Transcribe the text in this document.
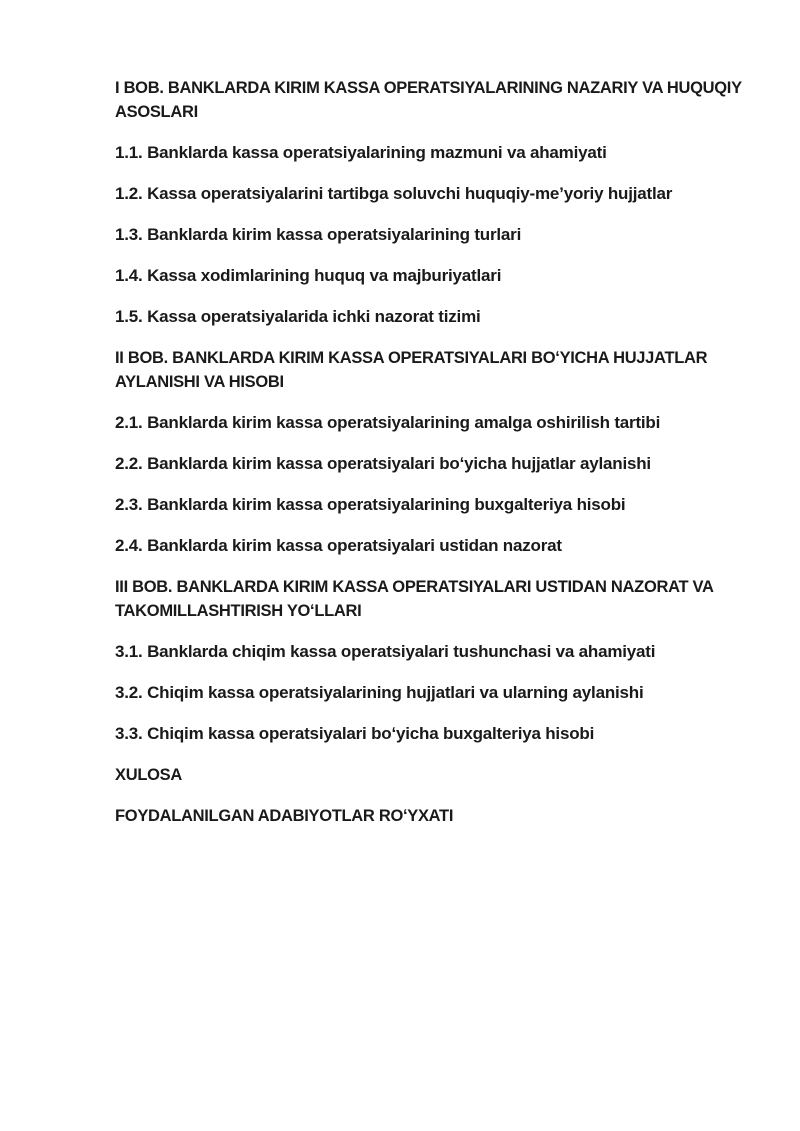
I BOB. BANKLARDA KIRIM KASSA OPERATSIYALARINING NAZARIY VA HUQUQIY ASOSLARI

1.1. Banklarda kassa operatsiyalarining mazmuni va ahamiyati

1.2. Kassa operatsiyalarini tartibga soluvchi huquqiy-me’yoriy hujjatlar

1.3. Banklarda kirim kassa operatsiyalarining turlari

1.4. Kassa xodimlarining huquq va majburiyatlari

1.5. Kassa operatsiyalarida ichki nazorat tizimi

II BOB. BANKLARDA KIRIM KASSA OPERATSIYALARI BOʻYICHA HUJJATLAR AYLANISHI VA HISOBI

2.1. Banklarda kirim kassa operatsiyalarining amalga oshirilish tartibi

2.2. Banklarda kirim kassa operatsiyalari boʻyicha hujjatlar aylanishi

2.3. Banklarda kirim kassa operatsiyalarining buxgalteriya hisobi

2.4. Banklarda kirim kassa operatsiyalari ustidan nazorat

III BOB. BANKLARDA KIRIM KASSA OPERATSIYALARI USTIDAN NAZORAT VA TAKOMILLASHTIRISH YOʻLLARI

3.1. Banklarda chiqim kassa operatsiyalari tushunchasi va ahamiyati

3.2. Chiqim kassa operatsiyalarining hujjatlari va ularning aylanishi

3.3. Chiqim kassa operatsiyalari boʻyicha buxgalteriya hisobi

XULOSA

FOYDALANILGAN ADABIYOTLAR ROʻYXATI
